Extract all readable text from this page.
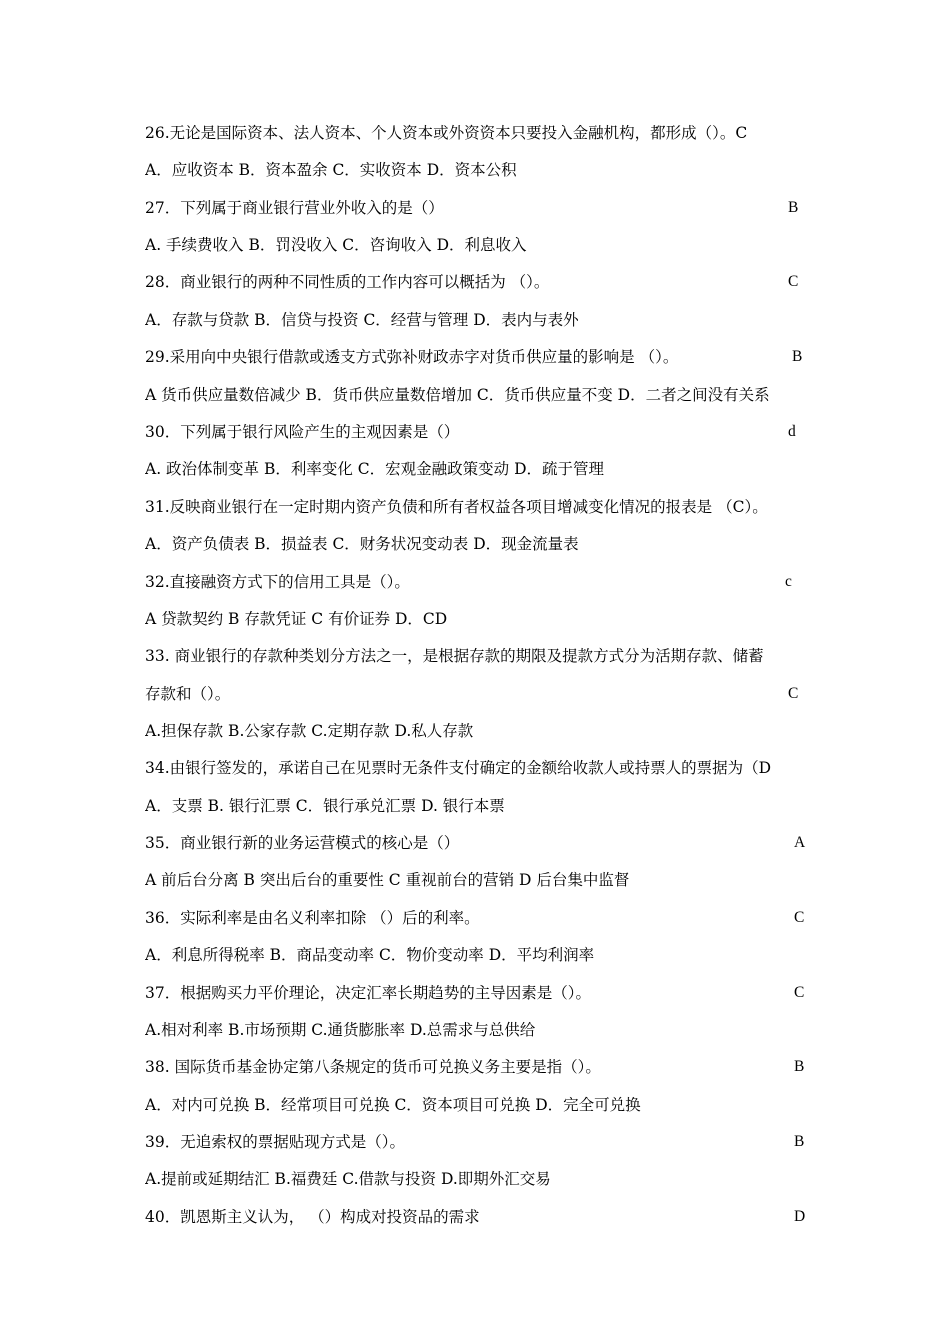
26.无论是国际资本、法人资本、个人资本或外资资本只要投入金融机构，都形成（）。C
A．应收资本 B．资本盈余 C．实收资本 D．资本公积
27．下列属于商业银行营业外收入的是（）	B
A. 手续费收入 B．罚没收入 C．咨询收入 D．利息收入
28．商业银行的两种不同性质的工作内容可以概括为 （）。	C
A．存款与贷款 B．信贷与投资 C．经营与管理 D．表内与表外
29.采用向中央银行借款或透支方式弥补财政赤字对货币供应量的影响是 （）。	B
A 货币供应量数倍减少 B．货币供应量数倍增加 C．货币供应量不变 D．二者之间没有关系
30．下列属于银行风险产生的主观因素是（）	d
A. 政治体制变革 B．利率变化 C．宏观金融政策变动 D．疏于管理
31.反映商业银行在一定时期内资产负债和所有者权益各项目增减变化情况的报表是 （C）。
A．资产负债表 B．损益表 C．财务状况变动表 D．现金流量表
32.直接融资方式下的信用工具是（）。	c
A 贷款契约 B 存款凭证 C 有价证券 D．CD
33. 商业银行的存款种类划分方法之一，是根据存款的期限及提款方式分为活期存款、储蓄
存款和（）。	C
A.担保存款 B.公家存款 C.定期存款 D.私人存款
34.由银行签发的，承诺自己在见票时无条件支付确定的金额给收款人或持票人的票据为（D
A．支票 B. 银行汇票 C．银行承兑汇票 D. 银行本票
35．商业银行新的业务运营模式的核心是（）	A
A 前后台分离 B 突出后台的重要性 C 重视前台的营销 D 后台集中监督
36．实际利率是由名义利率扣除 （）后的利率。	C
A．利息所得税率 B．商品变动率 C．物价变动率 D．平均利润率
37．根据购买力平价理论，决定汇率长期趋势的主导因素是（）。	C
A.相对利率 B.市场预期 C.通货膨胀率 D.总需求与总供给
38. 国际货币基金协定第八条规定的货币可兑换义务主要是指（）。	B
A．对内可兑换 B．经常项目可兑换 C．资本项目可兑换 D．完全可兑换
39．无追索权的票据贴现方式是（）。	B
A.提前或延期结汇 B.福费廷 C.借款与投资 D.即期外汇交易
40．凯恩斯主义认为， （）构成对投资品的需求	D
